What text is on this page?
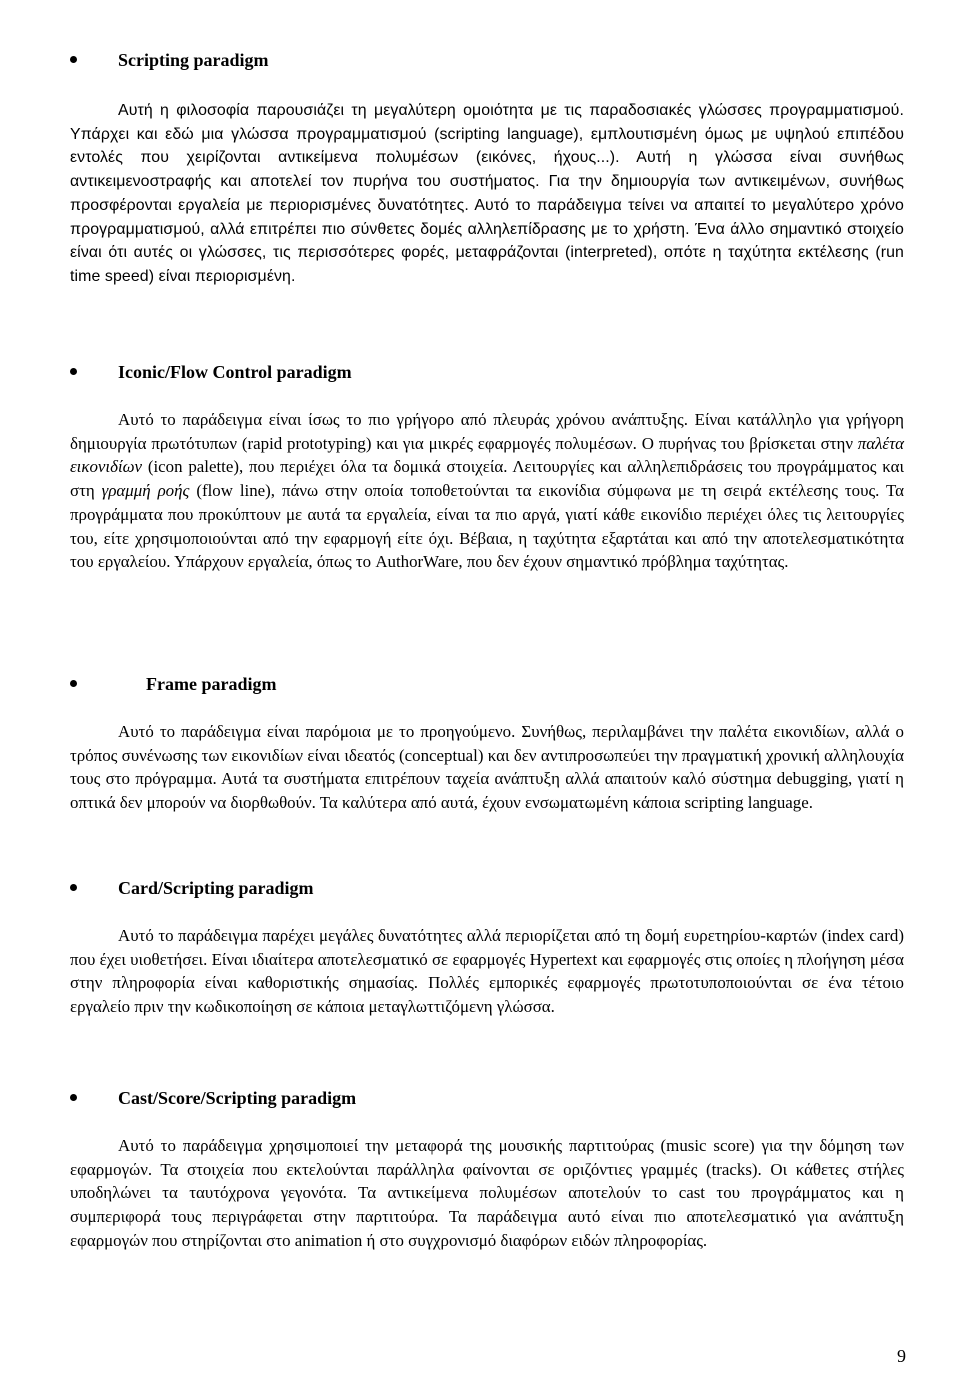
Scripting paradigm

Αυτή η φιλοσοφία παρουσιάζει τη μεγαλύτερη ομοιότητα με τις παραδοσιακές γλώσσες προγραμματισμού. Υπάρχει και εδώ μια γλώσσα προγραμματισμού (scripting language), εμπλουτισμένη όμως με υψηλού επιπέδου εντολές που χειρίζονται αντικείμενα πολυμέσων (εικόνες, ήχους...). Αυτή η γλώσσα είναι συνήθως αντικειμενοστραφής και αποτελεί τον πυρήνα του συστήματος. Για την δημιουργία των αντικειμένων, συνήθως προσφέρονται εργαλεία με περιορισμένες δυνατότητες. Αυτό το παράδειγμα τείνει να απαιτεί το μεγαλύτερο χρόνο προγραμματισμού, αλλά επιτρέπει πιο σύνθετες δομές αλληλεπίδρασης με το χρήστη. Ένα άλλο σημαντικό στοιχείο είναι ότι αυτές οι γλώσσες, τις περισσότερες φορές, μεταφράζονται (interpreted), οπότε η ταχύτητα εκτέλεσης (run time speed) είναι περιορισμένη.

Iconic/Flow Control paradigm

Αυτό το παράδειγμα είναι ίσως το πιο γρήγορο από πλευράς χρόνου ανάπτυξης. Είναι κατάλληλο για γρήγορη δημιουργία πρωτότυπων (rapid prototyping) και για μικρές εφαρμογές πολυμέσων. Ο πυρήνας του βρίσκεται στην παλέτα εικονιδίων (icon palette), που περιέχει όλα τα δομικά στοιχεία. Λειτουργίες και αλληλεπιδράσεις του προγράμματος και στη γραμμή ροής (flow line), πάνω στην οποία τοποθετούνται τα εικονίδια σύμφωνα με τη σειρά εκτέλεσης τους. Τα προγράμματα που προκύπτουν με αυτά τα εργαλεία, είναι τα πιο αργά, γιατί κάθε εικονίδιο περιέχει όλες τις λειτουργίες του, είτε χρησιμοποιούνται από την εφαρμογή είτε όχι. Βέβαια, η ταχύτητα εξαρτάται και από την αποτελεσματικότητα του εργαλείου. Υπάρχουν εργαλεία, όπως το AuthorWare, που δεν έχουν σημαντικό πρόβλημα ταχύτητας.

Frame paradigm

Αυτό το παράδειγμα είναι παρόμοια με το προηγούμενο. Συνήθως, περιλαμβάνει την παλέτα εικονιδίων, αλλά ο τρόπος συνένωσης των εικονιδίων είναι ιδεατός (conceptual) και δεν αντιπροσωπεύει την πραγματική χρονική αλληλουχία τους στο πρόγραμμα. Αυτά τα συστήματα επιτρέπουν ταχεία ανάπτυξη αλλά απαιτούν καλό σύστημα debugging, γιατί η οπτικά δεν μπορούν να διορθωθούν. Τα καλύτερα από αυτά, έχουν ενσωματωμένη κάποια scripting language.

Card/Scripting paradigm

Αυτό το παράδειγμα παρέχει μεγάλες δυνατότητες αλλά περιορίζεται από τη δομή ευρετηρίου-καρτών (index card) που έχει υιοθετήσει. Είναι ιδιαίτερα αποτελεσματικό σε εφαρμογές Hypertext και εφαρμογές στις οποίες η πλοήγηση μέσα στην πληροφορία είναι καθοριστικής σημασίας. Πολλές εμπορικές εφαρμογές πρωτοτυποποιούνται σε ένα τέτοιο εργαλείο πριν την κωδικοποίηση σε κάποια μεταγλωττιζόμενη γλώσσα.

Cast/Score/Scripting paradigm

Αυτό το παράδειγμα χρησιμοποιεί την μεταφορά της μουσικής παρτιτούρας (music score) για την δόμηση των εφαρμογών. Τα στοιχεία που εκτελούνται παράλληλα φαίνονται σε οριζόντιες γραμμές (tracks). Οι κάθετες στήλες υποδηλώνει τα ταυτόχρονα γεγονότα. Τα αντικείμενα πολυμέσων αποτελούν το cast του προγράμματος και η συμπεριφορά τους περιγράφεται στην παρτιτούρα. Τα παράδειγμα αυτό είναι πιο αποτελεσματικό για ανάπτυξη εφαρμογών που στηρίζονται στο animation ή στο συγχρονισμό διαφόρων ειδών πληροφορίας.

9
